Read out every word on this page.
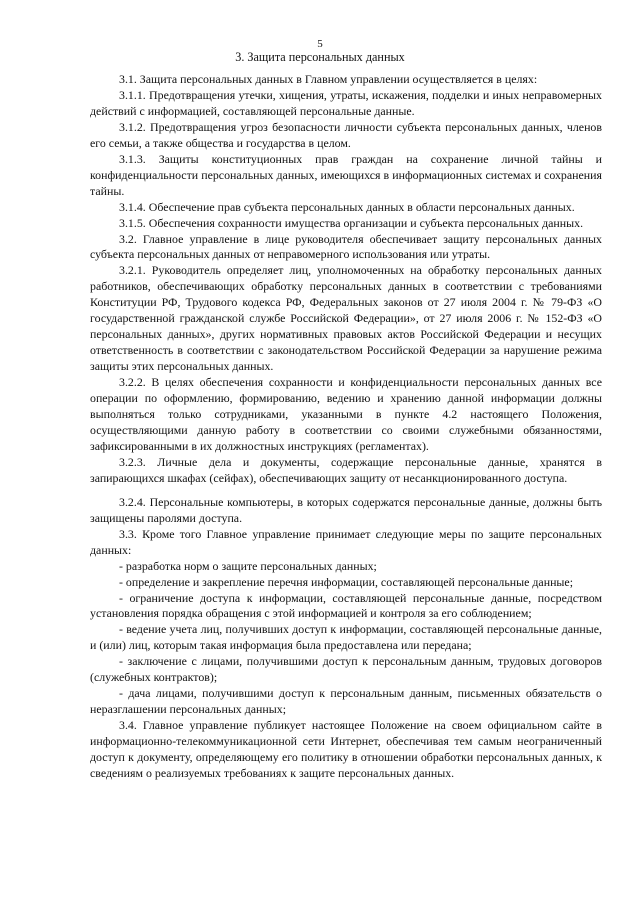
5
3. Защита персональных данных

3.1. Защита персональных данных в Главном управлении осуществляется в целях:

3.1.1. Предотвращения утечки, хищения, утраты, искажения, подделки и иных неправомерных действий с информацией, составляющей персональные данные.

3.1.2. Предотвращения угроз безопасности личности субъекта персональных данных, членов его семьи, а также общества и государства в целом.

3.1.3. Защиты конституционных прав граждан на сохранение личной тайны и конфиденциальности персональных данных, имеющихся в информационных системах и сохранения тайны.

3.1.4. Обеспечение прав субъекта персональных данных в области персональных данных.

3.1.5. Обеспечения сохранности имущества организации и субъекта персональных данных.

3.2. Главное управление в лице руководителя обеспечивает защиту персональных данных субъекта персональных данных от неправомерного использования или утраты.

3.2.1. Руководитель определяет лиц, уполномоченных на обработку персональных данных работников, обеспечивающих обработку персональных данных в соответствии с требованиями Конституции РФ, Трудового кодекса РФ, Федеральных законов от 27 июля 2004 г. № 79-ФЗ «О государственной гражданской службе Российской Федерации», от 27 июля 2006 г. № 152-ФЗ «О персональных данных», других нормативных правовых актов Российской Федерации и несущих ответственность в соответствии с законодательством Российской Федерации за нарушение режима защиты этих персональных данных.

3.2.2. В целях обеспечения сохранности и конфиденциальности персональных данных все операции по оформлению, формированию, ведению и хранению данной информации должны выполняться только сотрудниками, указанными в пункте 4.2 настоящего Положения, осуществляющими данную работу в соответствии со своими служебными обязанностями, зафиксированными в их должностных инструкциях (регламентах).

3.2.3. Личные дела и документы, содержащие персональные данные, хранятся в запирающихся шкафах (сейфах), обеспечивающих защиту от несанкционированного доступа.

3.2.4. Персональные компьютеры, в которых содержатся персональные данные, должны быть защищены паролями доступа.

3.3. Кроме того Главное управление принимает следующие меры по защите персональных данных:

- разработка норм о защите персональных данных;

- определение и закрепление перечня информации, составляющей персональные данные;

- ограничение доступа к информации, составляющей персональные данные, посредством установления порядка обращения с этой информацией и контроля за его соблюдением;

- ведение учета лиц, получивших доступ к информации, составляющей персональные данные, и (или) лиц, которым такая информация была предоставлена или передана;

- заключение с лицами, получившими доступ к персональным данным, трудовых договоров (служебных контрактов);

- дача лицами, получившими доступ к персональным данным, письменных обязательств о неразглашении персональных данных;

3.4. Главное управление публикует настоящее Положение на своем официальном сайте в информационно-телекоммуникационной сети Интернет, обеспечивая тем самым неограниченный доступ к документу, определяющему его политику в отношении обработки персональных данных, к сведениям о реализуемых требованиях к защите персональных данных.
